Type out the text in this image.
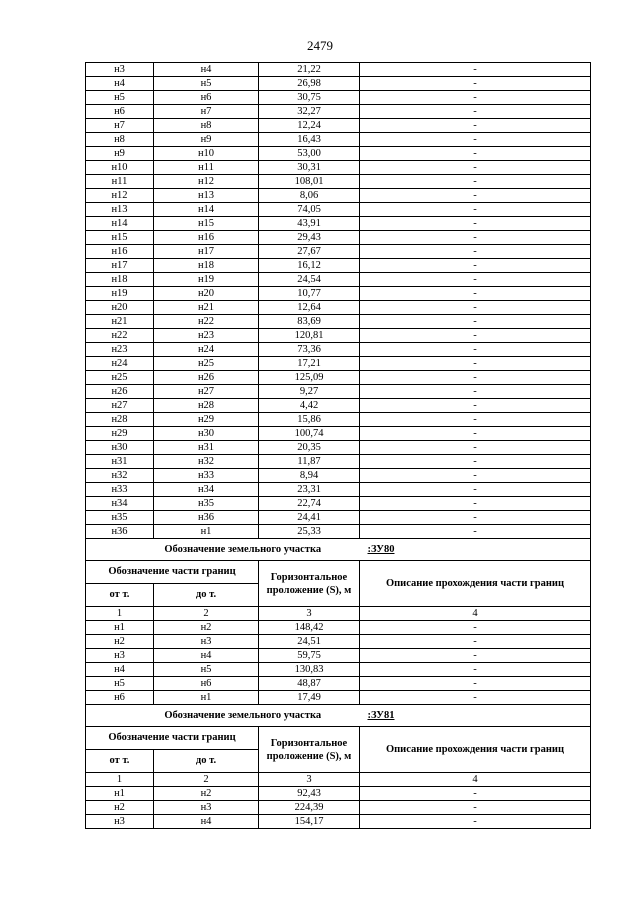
2479
н3	н4	21,22	-
н4	н5	26,98	-
н5	н6	30,75	-
н6	н7	32,27	-
н7	н8	12,24	-
н8	н9	16,43	-
н9	н10	53,00	-
н10	н11	30,31	-
н11	н12	108,01	-
н12	н13	8,06	-
н13	н14	74,05	-
н14	н15	43,91	-
н15	н16	29,43	-
н16	н17	27,67	-
н17	н18	16,12	-
н18	н19	24,54	-
н19	н20	10,77	-
н20	н21	12,64	-
н21	н22	83,69	-
н22	н23	120,81	-
н23	н24	73,36	-
н24	н25	17,21	-
н25	н26	125,09	-
н26	н27	9,27	-
н27	н28	4,42	-
н28	н29	15,86	-
н29	н30	100,74	-
н30	н31	20,35	-
н31	н32	11,87	-
н32	н33	8,94	-
н33	н34	23,31	-
н34	н35	22,74	-
н35	н36	24,41	-
н36	н1	25,33	-
Обозначение земельного участка			:ЗУ80
Обозначение части границ		Горизонтальное проложение (S), м	Описание прохождения части границ
от т.	до т.		
1	2	3	4
н1	н2	148,42	-
н2	н3	24,51	-
н3	н4	59,75	-
н4	н5	130,83	-
н5	н6	48,87	-
н6	н1	17,49	-
Обозначение земельного участка			:ЗУ81
Обозначение части границ		Горизонтальное проложение (S), м	Описание прохождения части границ
от т.	до т.		
1	2	3	4
н1	н2	92,43	-
н2	н3	224,39	-
н3	н4	154,17	-
